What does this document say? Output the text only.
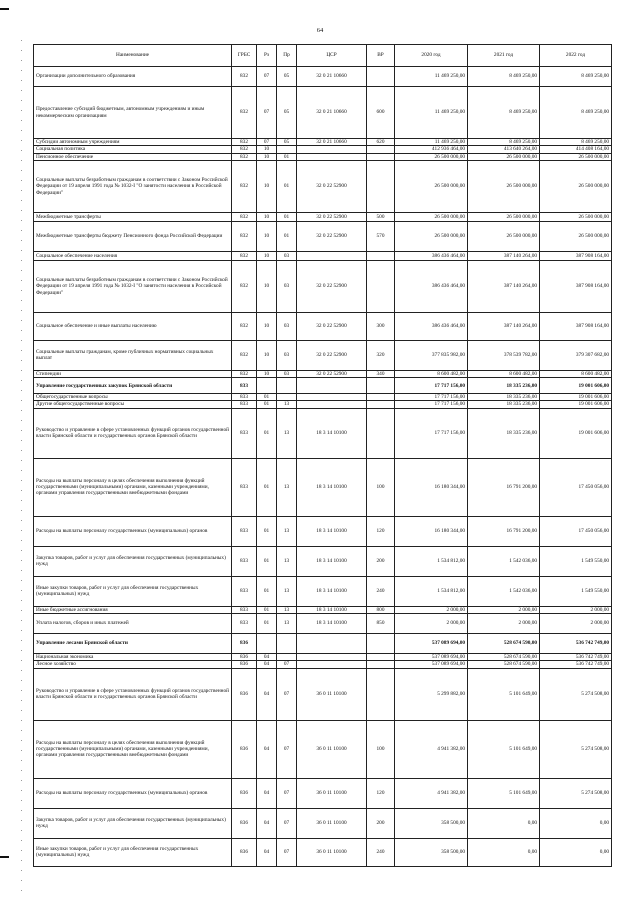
64
Наименование	ГРБС	Рз	Пр	ЦСР	ВР	2020 год	2021 год	2022 год
Организации дополнительного образования	832	07	05	32 0 21 10660		11 469 250,00	8 469 250,00	8 469 250,00
Предоставление субсидий бюджетным, автономным учреждениям и иным некоммерческим организациям	832	07	05	32 0 21 10660	600	11 469 250,00	8 469 250,00	8 469 250,00
Субсидии автономным учреждениям	832	07	05	32 0 21 10660	620	11 469 250,00	8 469 250,00	8 469 250,00
Социальная политика	832	10				412 936 464,00	413 640 264,00	414 408 164,00
Пенсионное обеспечение	832	10	01			26 500 000,00	26 500 000,00	26 500 000,00
Социальные выплаты безработным гражданам в соответствии с Законом Российской Федерации от 19 апреля 1991 года № 1032-I "О занятости населения в Российской Федерации"	832	10	01	32 0 22 52900		26 500 000,00	26 500 000,00	26 500 000,00
Межбюджетные трансферты	832	10	01	32 0 22 52900	500	26 500 000,00	26 500 000,00	26 500 000,00
Межбюджетные трансферты бюджету Пенсионного фонда Российской Федерации	832	10	01	32 0 22 52900	570	26 500 000,00	26 500 000,00	26 500 000,00
Социальное обеспечение населения	832	10	03			386 436 464,00	387 140 264,00	387 908 164,00
Социальные выплаты безработным гражданам в соответствии с Законом Российской Федерации от 19 апреля 1991 года № 1032-I "О занятости населения в Российской Федерации"	832	10	03	32 0 22 52900		386 436 464,00	387 140 264,00	387 908 164,00
Социальное обеспечение и иные выплаты населению	832	10	03	32 0 22 52900	300	386 436 464,00	387 140 264,00	387 908 164,00
Социальные выплаты гражданам, кроме публичных нормативных социальных выплат	832	10	03	32 0 22 52900	320	377 835 982,00	378 539 782,00	379 307 682,00
Стипендии	832	10	03	32 0 22 52900	340	8 600 482,00	8 600 482,00	8 600 482,00
Управление государственных закупок Брянской области	833					17 717 156,00	18 335 236,00	19 001 606,00
Общегосударственные вопросы	833	01				17 717 156,00	18 335 236,00	19 001 606,00
Другие общегосударственные вопросы	833	01	13			17 717 156,00	18 335 236,00	19 001 606,00
Руководство и управление в сфере установленных функций органов государственной власти Брянской области и государственных органов Брянской области	833	01	13	18 3 14 10100		17 717 156,00	18 335 236,00	19 001 606,00
Расходы на выплаты персоналу в целях обеспечения выполнения функций государственными (муниципальными) органами, казенными учреждениями, органами управления государственными внебюджетными фондами	833	01	13	18 3 14 10100	100	16 180 344,00	16 791 200,00	17 450 056,00
Расходы на выплаты персоналу государственных (муниципальных) органов	833	01	13	18 3 14 10100	120	16 180 344,00	16 791 200,00	17 450 056,00
Закупка товаров, работ и услуг для обеспечения государственных (муниципальных) нужд	833	01	13	18 3 14 10100	200	1 534 812,00	1 542 036,00	1 549 550,00
Иные закупки товаров, работ и услуг для обеспечения государственных (муниципальных) нужд	833	01	13	18 3 14 10100	240	1 534 812,00	1 542 036,00	1 549 550,00
Иные бюджетные ассигнования	833	01	13	18 3 14 10100	800	2 000,00	2 000,00	2 000,00
Уплата налогов, сборов и иных платежей	833	01	13	18 3 14 10100	850	2 000,00	2 000,00	2 000,00
Управление лесами Брянской области	836					537 089 694,00	528 674 590,00	536 742 749,00
Национальная экономика	836	04				537 089 694,00	528 674 590,00	536 742 749,00
Лесное хозяйство	836	04	07			537 089 694,00	528 674 590,00	536 742 749,00
Руководство и управление в сфере установленных функций органов государственной власти Брянской области и государственных органов Брянской области	836	04	07	36 0 11 10100		5 299 882,00	5 101 649,00	5 274 508,00
Расходы на выплаты персоналу в целях обеспечения выполнения функций государственными (муниципальными) органами, казенными учреждениями, органами управления государственными внебюджетными фондами	836	04	07	36 0 11 10100	100	4 941 382,00	5 101 649,00	5 274 508,00
Расходы на выплаты персоналу государственных (муниципальных) органов	836	04	07	36 0 11 10100	120	4 941 382,00	5 101 649,00	5 274 508,00
Закупка товаров, работ и услуг для обеспечения государственных (муниципальных) нужд	836	04	07	36 0 11 10100	200	358 500,00	0,00	0,00
Иные закупки товаров, работ и услуг для обеспечения государственных (муниципальных) нужд	836	04	07	36 0 11 10100	240	358 500,00	0,00	0,00
